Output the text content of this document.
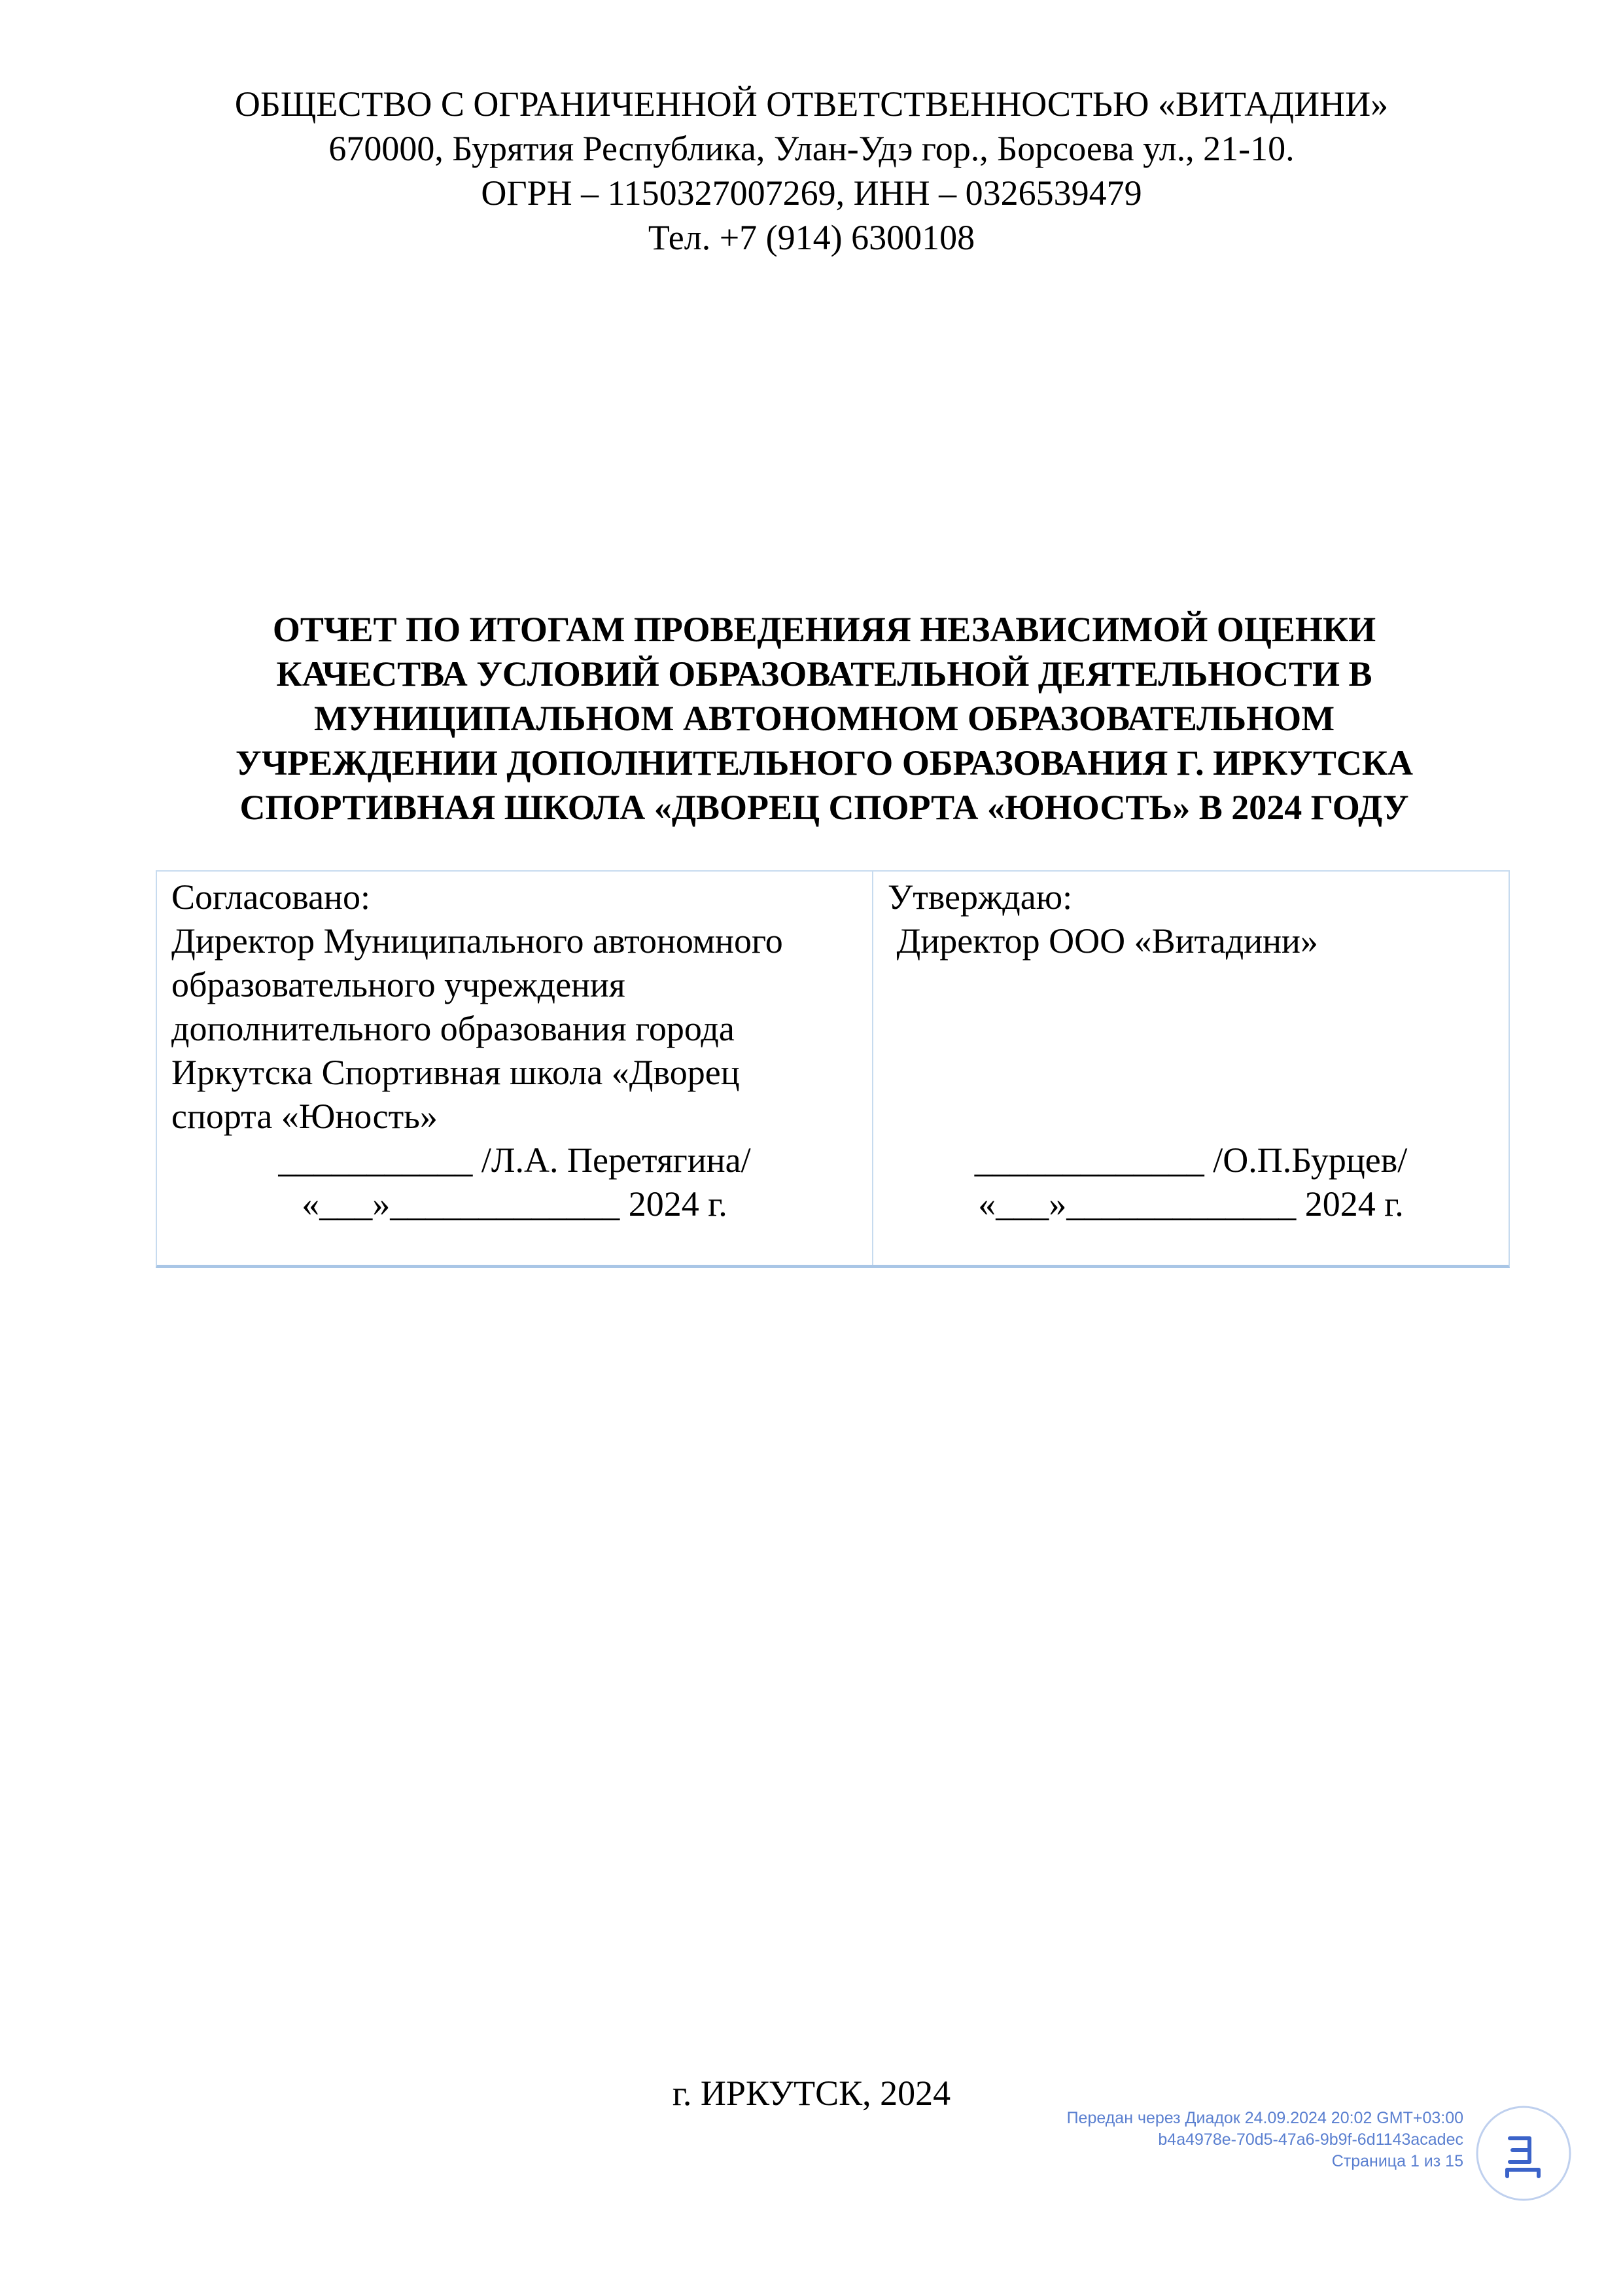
ОБЩЕСТВО С ОГРАНИЧЕННОЙ ОТВЕТСТВЕННОСТЬЮ «ВИТАДИНИ»
670000, Бурятия Республика, Улан-Удэ гор., Борсоева ул., 21-10.
ОГРН – 1150327007269, ИНН – 0326539479
Тел. +7 (914) 6300108
ОТЧЕТ ПО ИТОГАМ ПРОВЕДЕНИЯЯ НЕЗАВИСИМОЙ ОЦЕНКИ
КАЧЕСТВА УСЛОВИЙ ОБРАЗОВАТЕЛЬНОЙ ДЕЯТЕЛЬНОСТИ В
МУНИЦИПАЛЬНОМ АВТОНОМНОМ ОБРАЗОВАТЕЛЬНОМ
УЧРЕЖДЕНИИ ДОПОЛНИТЕЛЬНОГО ОБРАЗОВАНИЯ Г. ИРКУТСКА
СПОРТИВНАЯ ШКОЛА «ДВОРЕЦ СПОРТА «ЮНОСТЬ» В 2024 ГОДУ
Согласовано:
Директор Муниципального автономного
образовательного учреждения
дополнительного образования города
Иркутска Спортивная школа «Дворец
спорта «Юность»
___________ /Л.А. Перетягина/
«___»_____________ 2024 г.
Утверждаю:
Директор ООО «Витадини»
_____________ /О.П.Бурцев/
«___»_____________ 2024 г.
г. ИРКУТСК, 2024
Передан через Диадок 24.09.2024 20:02 GMT+03:00
b4a4978e-70d5-47a6-9b9f-6d1143acadec
Страница 1 из 15
